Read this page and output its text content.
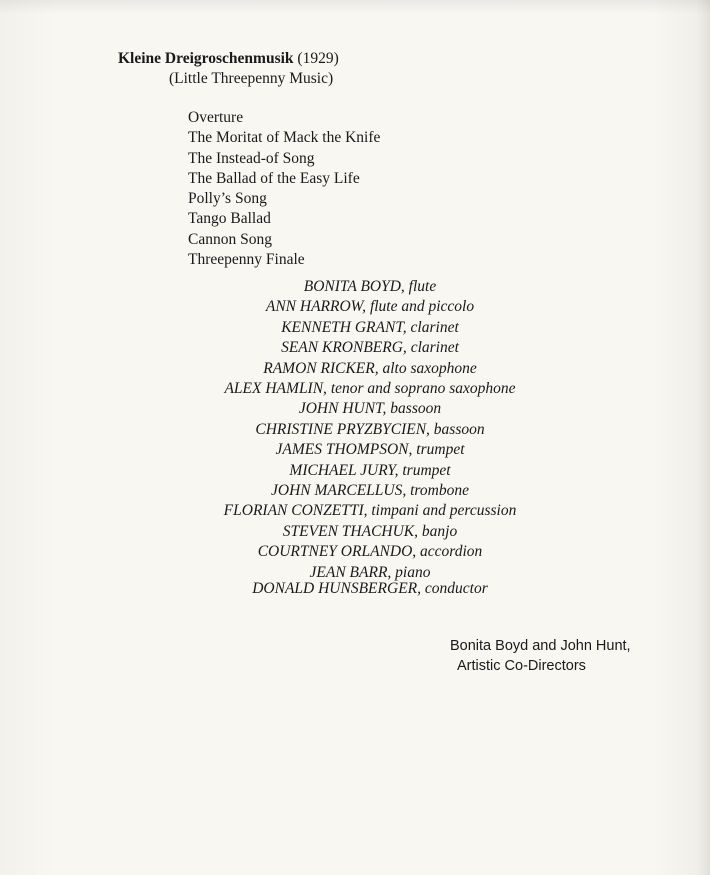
Kleine Dreigroschenmusik (1929)
(Little Threepenny Music)
Overture
The Moritat of Mack the Knife
The Instead-of Song
The Ballad of the Easy Life
Polly’s Song
Tango Ballad
Cannon Song
Threepenny Finale
BONITA BOYD, flute
ANN HARROW, flute and piccolo
KENNETH GRANT, clarinet
SEAN KRONBERG, clarinet
RAMON RICKER, alto saxophone
ALEX HAMLIN, tenor and soprano saxophone
JOHN HUNT, bassoon
CHRISTINE PRYZBYCIEN, bassoon
JAMES THOMPSON, trumpet
MICHAEL JURY, trumpet
JOHN MARCELLUS, trombone
FLORIAN CONZETTI, timpani and percussion
STEVEN THACHUK, banjo
COURTNEY ORLANDO, accordion
JEAN BARR, piano
DONALD HUNSBERGER, conductor
Bonita Boyd and John Hunt,
Artistic Co-Directors
